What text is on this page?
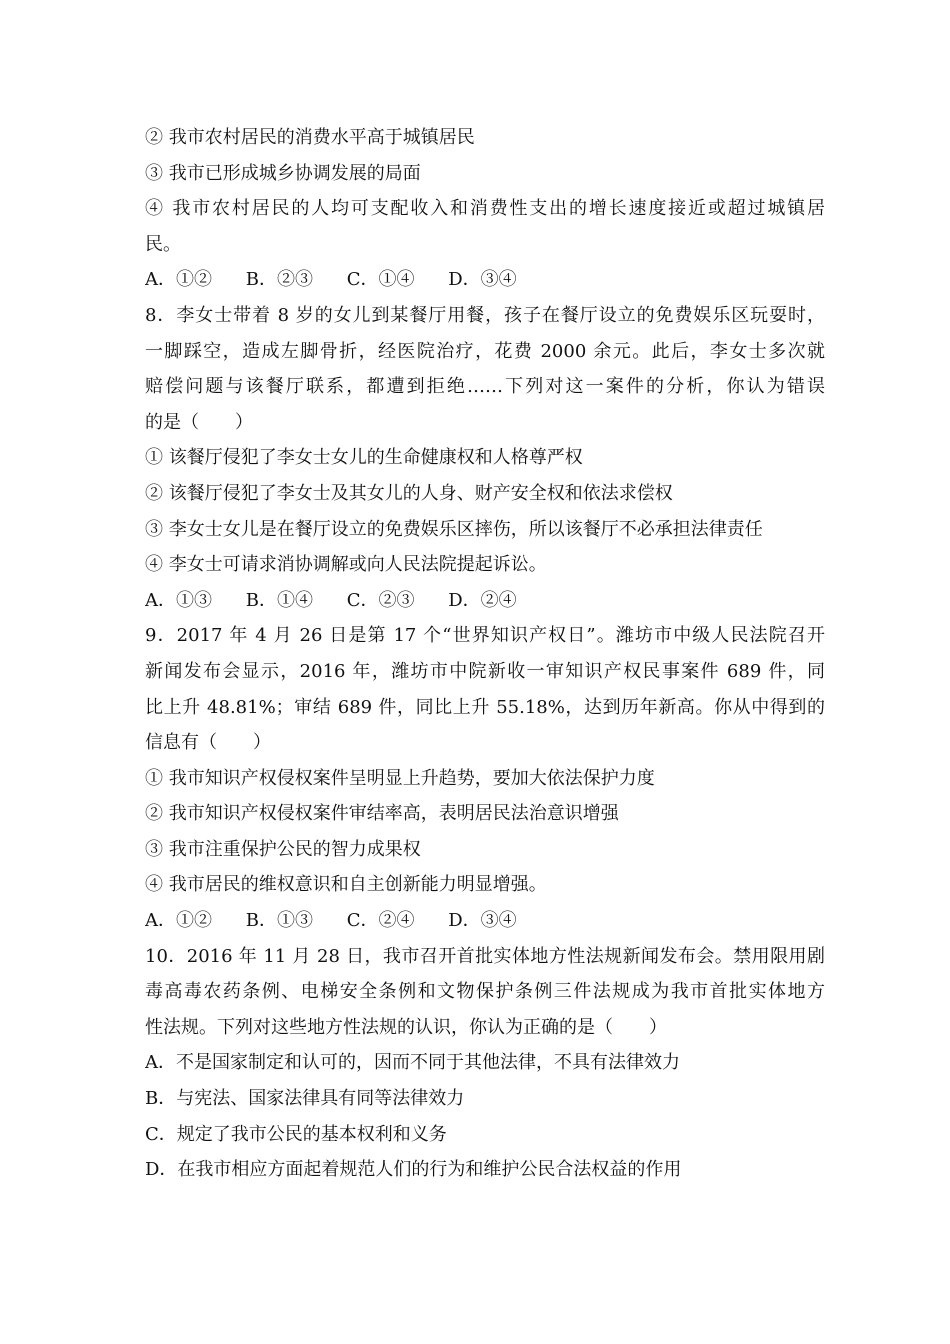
② 我市农村居民的消费水平高于城镇居民
③ 我市已形成城乡协调发展的局面
④ 我市农村居民的人均可支配收入和消费性支出的增长速度接近或超过城镇居
民。
A．①② B．②③ C．①④ D．③④
8．李女士带着 8 岁的女儿到某餐厅用餐，孩子在餐厅设立的免费娱乐区玩耍时，
一脚踩空，造成左脚骨折，经医院治疗，花费 2000 余元。此后，李女士多次就
赔偿问题与该餐厅联系，都遭到拒绝……下列对这一案件的分析，你认为错误
的是（　　）
① 该餐厅侵犯了李女士女儿的生命健康权和人格尊严权
② 该餐厅侵犯了李女士及其女儿的人身、财产安全权和依法求偿权
③ 李女士女儿是在餐厅设立的免费娱乐区摔伤，所以该餐厅不必承担法律责任
④ 李女士可请求消协调解或向人民法院提起诉讼。
A．①③ B．①④ C．②③ D．②④
9．2017 年 4 月 26 日是第 17 个“世界知识产权日”。潍坊市中级人民法院召开
新闻发布会显示，2016 年，潍坊市中院新收一审知识产权民事案件 689 件，同
比上升 48.81%；审结 689 件，同比上升 55.18%，达到历年新高。你从中得到的
信息有（　　）
① 我市知识产权侵权案件呈明显上升趋势，要加大依法保护力度
② 我市知识产权侵权案件审结率高，表明居民法治意识增强
③ 我市注重保护公民的智力成果权
④ 我市居民的维权意识和自主创新能力明显增强。
A．①② B．①③ C．②④ D．③④
10．2016 年 11 月 28 日，我市召开首批实体地方性法规新闻发布会。禁用限用剧
毒高毒农药条例、电梯安全条例和文物保护条例三件法规成为我市首批实体地方
性法规。下列对这些地方性法规的认识，你认为正确的是（　　）
A．不是国家制定和认可的，因而不同于其他法律，不具有法律效力
B．与宪法、国家法律具有同等法律效力
C．规定了我市公民的基本权利和义务
D．在我市相应方面起着规范人们的行为和维护公民合法权益的作用
